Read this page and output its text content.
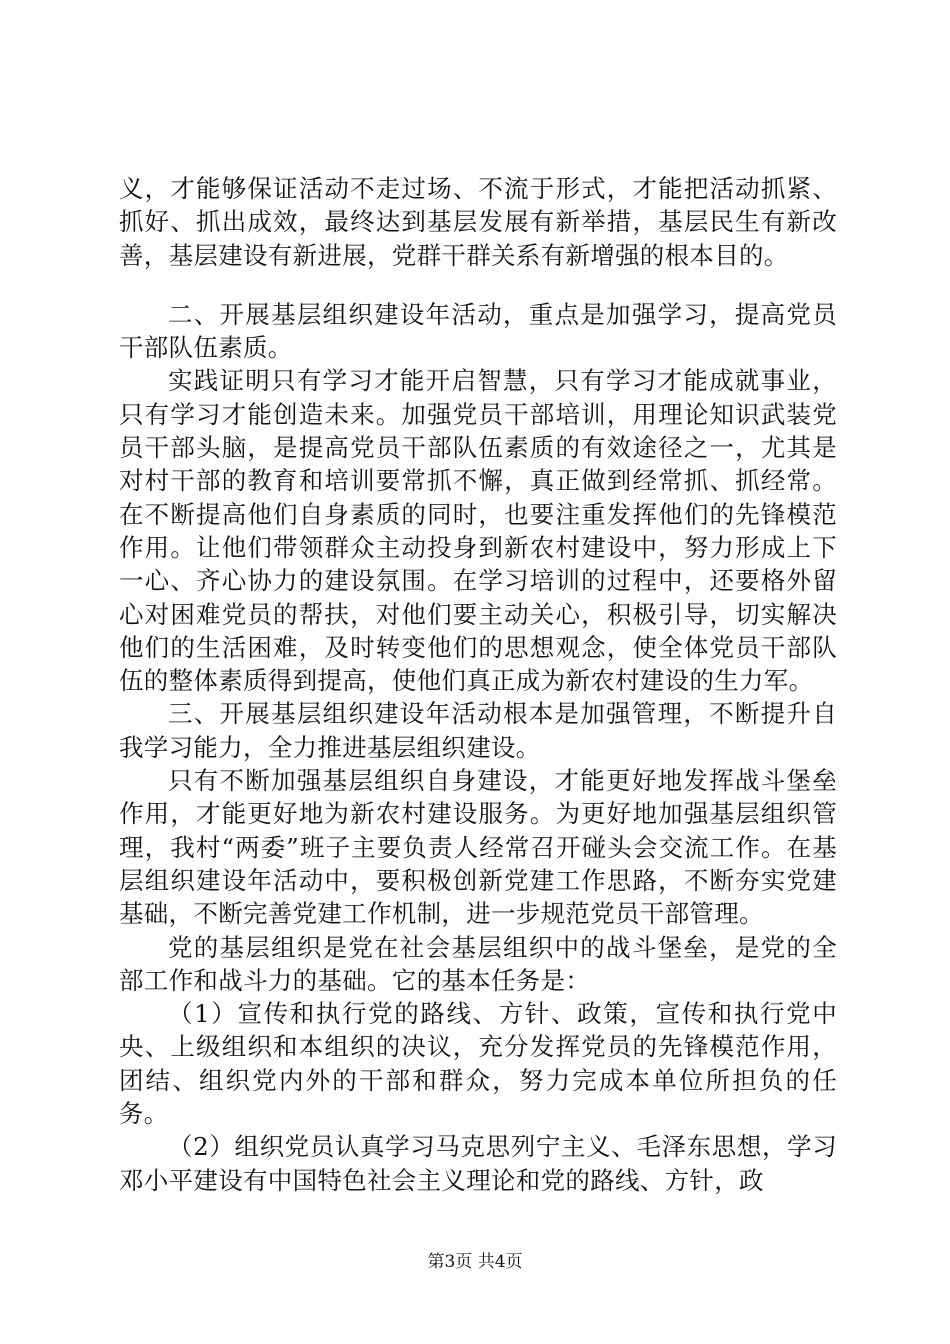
义，才能够保证活动不走过场、不流于形式，才能把活动抓紧、抓好、抓出成效，最终达到基层发展有新举措，基层民生有新改善，基层建设有新进展，党群干群关系有新增强的根本目的。

二、开展基层组织建设年活动，重点是加强学习，提高党员干部队伍素质。

实践证明只有学习才能开启智慧，只有学习才能成就事业，只有学习才能创造未来。加强党员干部培训，用理论知识武装党员干部头脑，是提高党员干部队伍素质的有效途径之一，尤其是对村干部的教育和培训要常抓不懈，真正做到经常抓、抓经常。在不断提高他们自身素质的同时，也要注重发挥他们的先锋模范作用。让他们带领群众主动投身到新农村建设中，努力形成上下一心、齐心协力的建设氛围。在学习培训的过程中，还要格外留心对困难党员的帮扶，对他们要主动关心，积极引导，切实解决他们的生活困难，及时转变他们的思想观念，使全体党员干部队伍的整体素质得到提高，使他们真正成为新农村建设的生力军。

三、开展基层组织建设年活动根本是加强管理，不断提升自我学习能力，全力推进基层组织建设。

只有不断加强基层组织自身建设，才能更好地发挥战斗堡垒作用，才能更好地为新农村建设服务。为更好地加强基层组织管理，我村“两委”班子主要负责人经常召开碰头会交流工作。在基层组织建设年活动中，要积极创新党建工作思路，不断夯实党建基础，不断完善党建工作机制，进一步规范党员干部管理。

党的基层组织是党在社会基层组织中的战斗堡垒，是党的全部工作和战斗力的基础。它的基本任务是：

（1）宣传和执行党的路线、方针、政策，宣传和执行党中央、上级组织和本组织的决议，充分发挥党员的先锋模范作用，团结、组织党内外的干部和群众，努力完成本单位所担负的任务。

（2）组织党员认真学习马克思列宁主义、毛泽东思想，学习邓小平建设有中国特色社会主义理论和党的路线、方针，政

第3页 共4页
